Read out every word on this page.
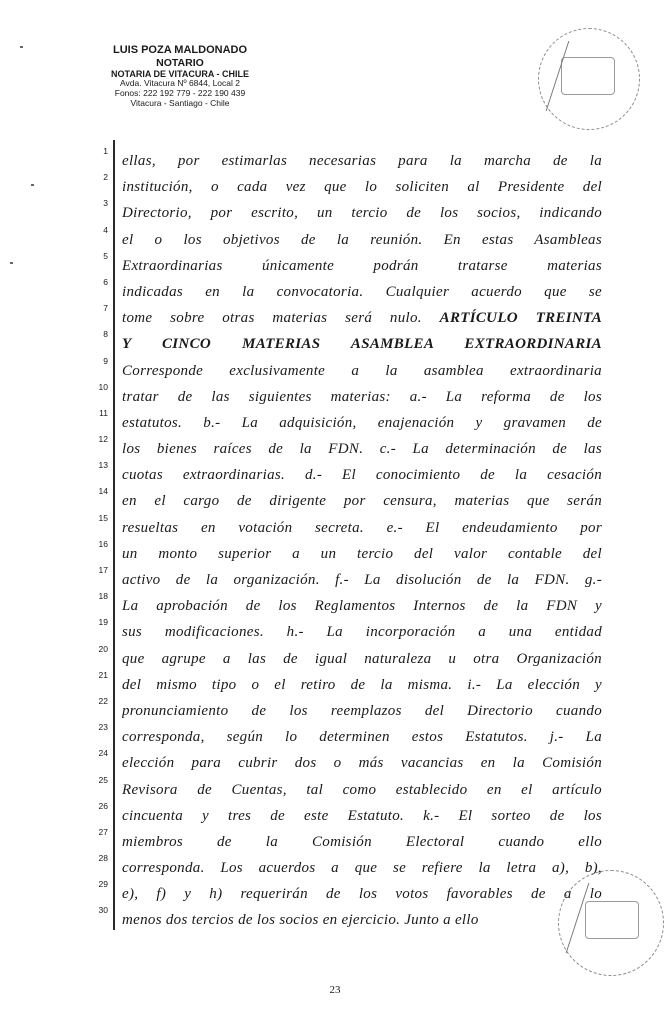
LUIS POZA MALDONADO
NOTARIO
NOTARIA DE VITACURA - CHILE
Avda. Vitacura Nº 6844, Local 2
Fonos: 222 192 779 - 222 190 439
Vitacura - Santiago - Chile
1
2
3
4
5
6
7
8
9
10
11
12
13
14
15
16
17
18
19
20
21
22
23
24
25
26
27
28
29
30
ellas, por estimarlas necesarias para la marcha de la
institución, o cada vez que lo soliciten al Presidente del
Directorio, por escrito, un tercio de los socios, indicando
el o los objetivos de la reunión. En estas Asambleas
Extraordinarias únicamente podrán tratarse materias
indicadas en la convocatoria. Cualquier acuerdo que se
tome sobre otras materias será nulo. ARTÍCULO TREINTA
Y CINCO MATERIAS ASAMBLEA EXTRAORDINARIA
Corresponde exclusivamente a la asamblea extraordinaria
tratar de las siguientes materias: a.- La reforma de los
estatutos. b.- La adquisición, enajenación y gravamen de
los bienes raíces de la FDN. c.- La determinación de las
cuotas extraordinarias. d.- El conocimiento de la cesación
en el cargo de dirigente por censura, materias que serán
resueltas en votación secreta. e.- El endeudamiento por
un monto superior a un tercio del valor contable del
activo de la organización. f.- La disolución de la FDN. g.-
La aprobación de los Reglamentos Internos de la FDN y
sus modificaciones. h.- La incorporación a una entidad
que agrupe a las de igual naturaleza u otra Organización
del mismo tipo o el retiro de la misma. i.- La elección y
pronunciamiento de los reemplazos del Directorio cuando
corresponda, según lo determinen estos Estatutos. j.- La
elección para cubrir dos o más vacancias en la Comisión
Revisora de Cuentas, tal como establecido en el artículo
cincuenta y tres de este Estatuto. k.- El sorteo de los
miembros de la Comisión Electoral cuando ello
corresponda. Los acuerdos a que se refiere la letra a), b),
e), f) y h) requerirán de los votos favorables de a lo
menos dos tercios de los socios en ejercicio. Junto a ello
23
